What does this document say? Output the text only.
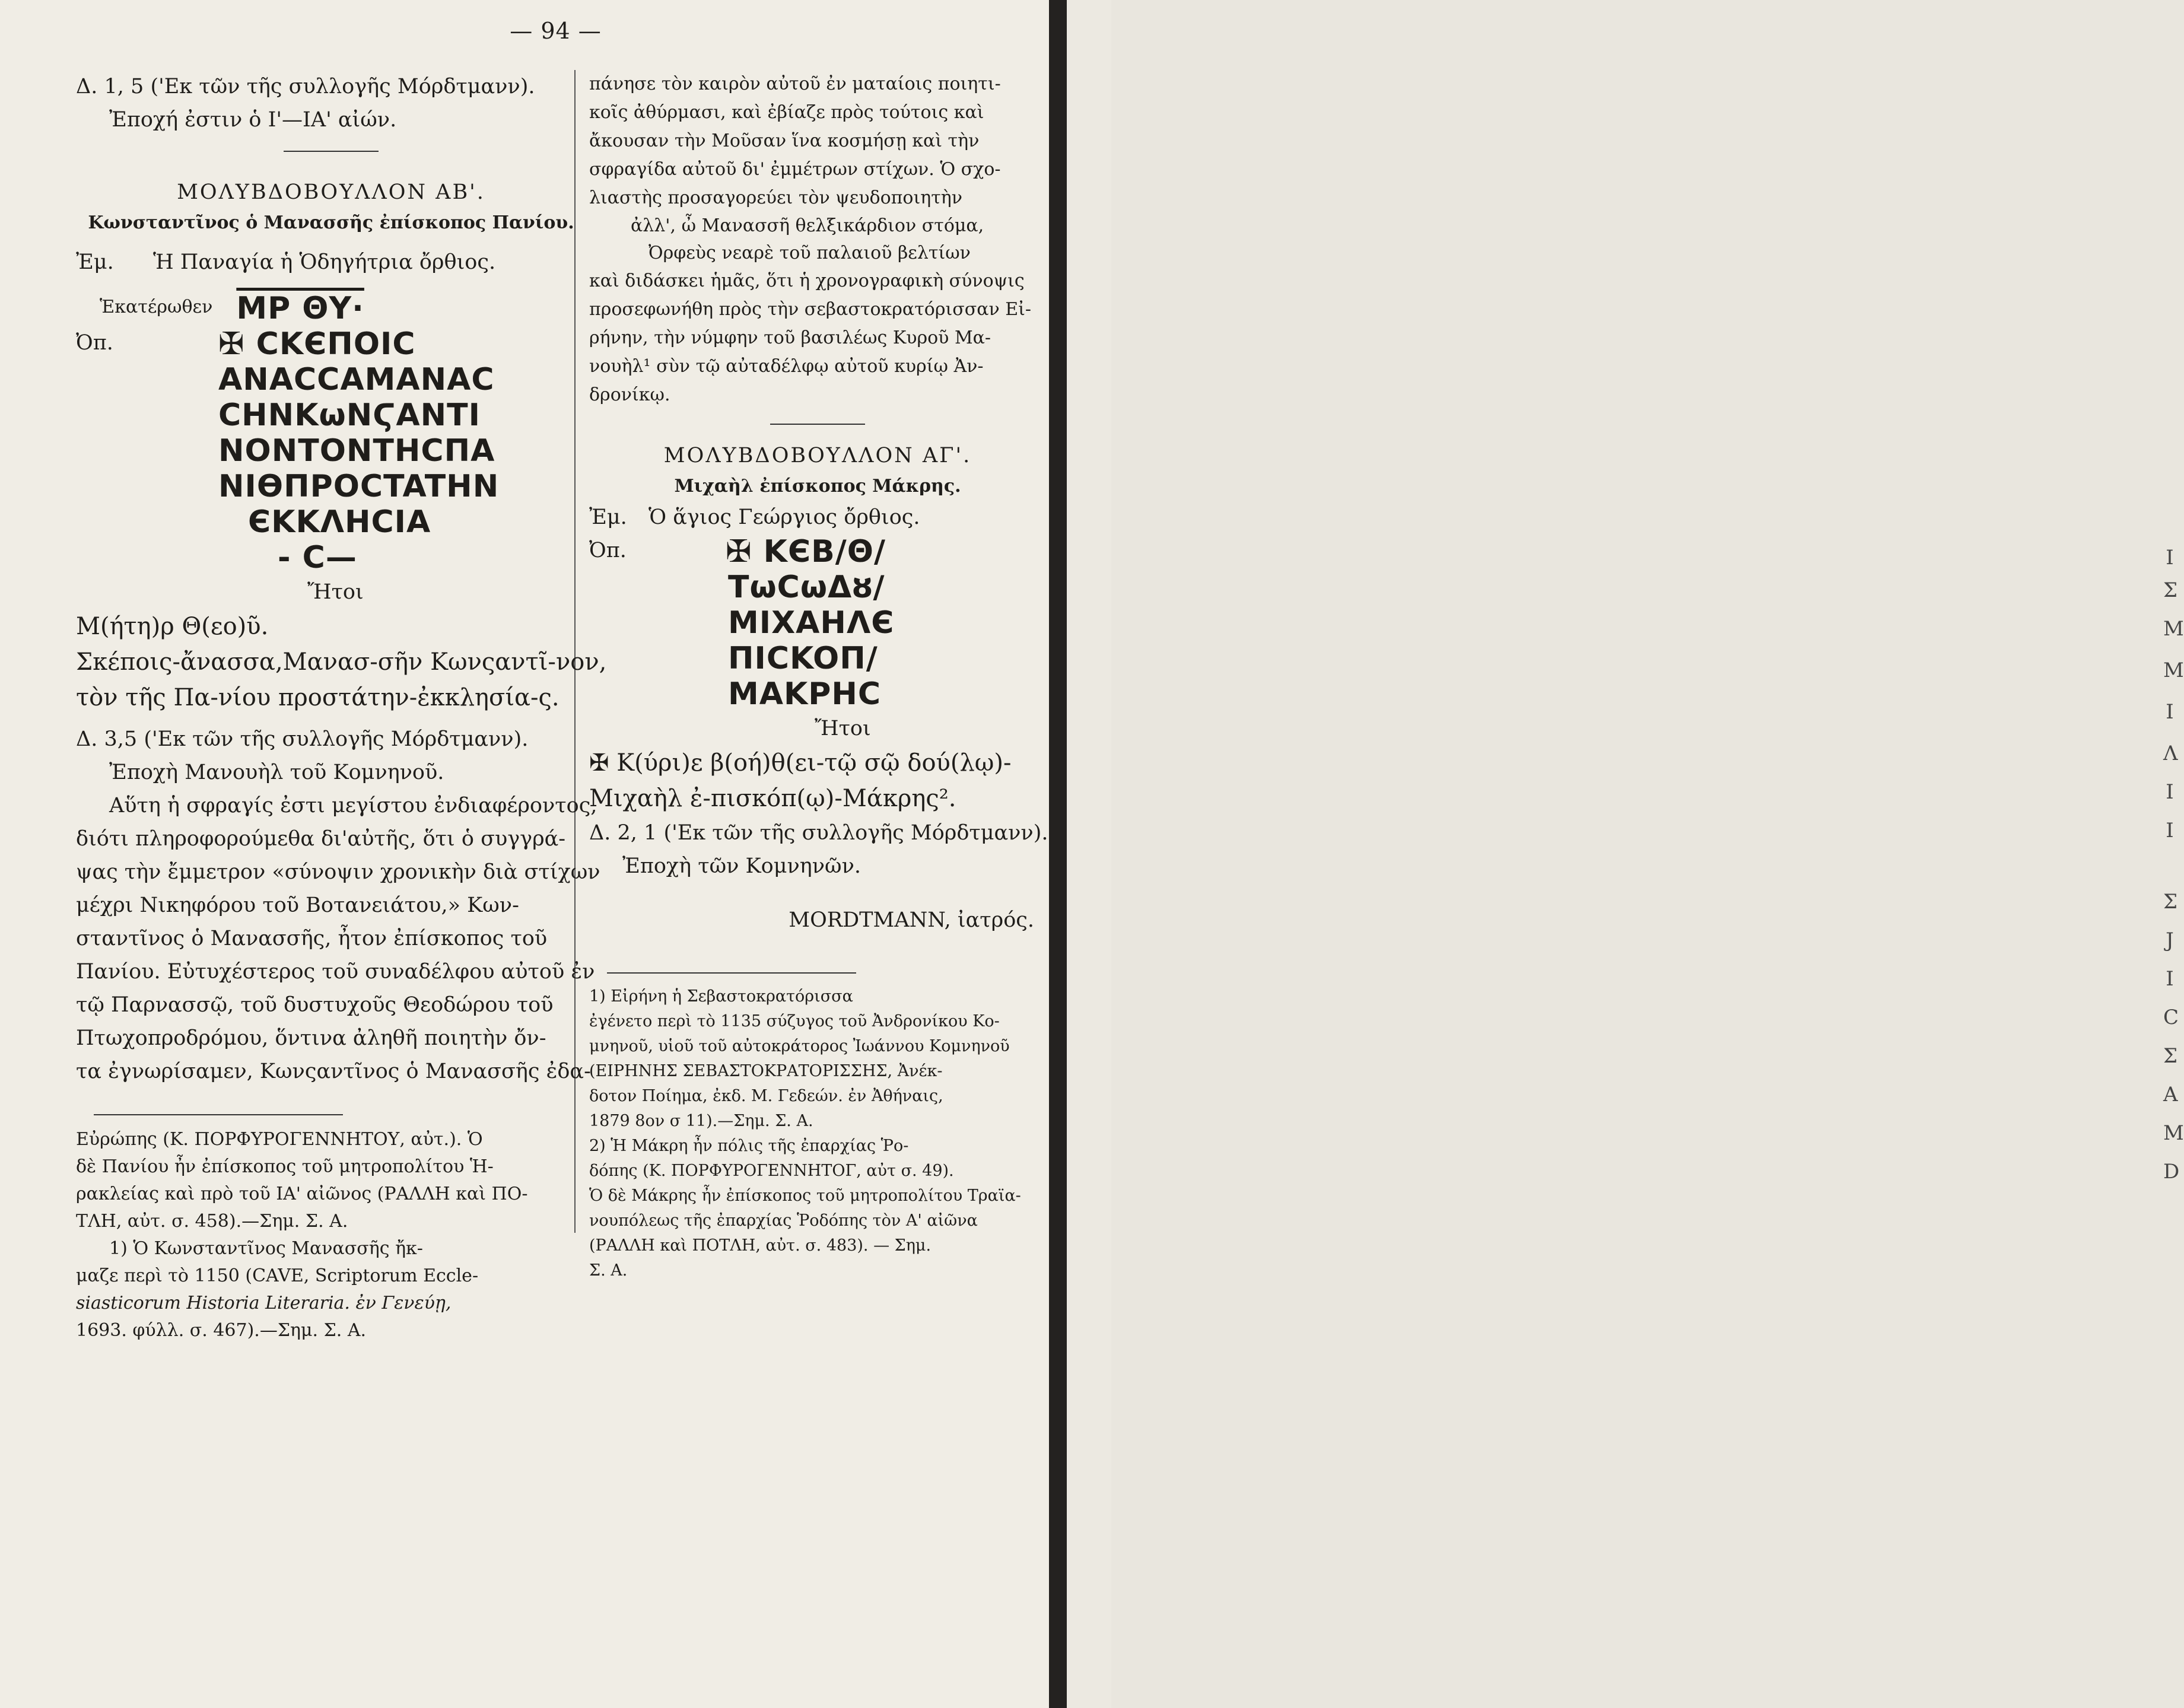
I
Σ
Μ
Μ
Ι
Λ
Ι
Ι
Σ
J
Ι
C
Σ
A
Μ
D
— 94 —

Δ. 1, 5 ('Εκ τῶν τῆς συλλογῆς Μόρδτμανν).

Ἐποχή ἐστιν ὁ Ι'—ΙΑ' αἰών.

ΜΟΛΥΒΔΟΒΟΥΛΛΟΝ ΑΒ'.

Κωνσταντῖνος ὁ Μανασσῆς ἐπίσκοπος Πανίου.

Ἐμ.	Ἡ Παναγία ἡ Ὁδηγήτρια ὄρθιος.

Ἑκατέρωθεν ΜΡ ΘΥ·

Ὀπ.	✠ CKЄΠOIC

ANACCAMANAC

CHNKωNϚANTI

NONTONTHCΠA

NIѲΠPOCTATHN

ЄKKΛHCIA

- C—

Ἤτοι

Μ(ήτη)ρ Θ(εο)ῦ.

Σκέποις-ἄνασσα,Μανασ-σῆν Κωνςαντῖ-νον,

τὸν τῆς Πα-νίου προστάτην-ἐκκλησία-ς.

Δ. 3,5 ('Εκ τῶν τῆς συλλογῆς Μόρδτμανν).

Ἐποχὴ Μανουὴλ τοῦ Κομνηνοῦ.

Αὕτη ἡ σφραγίς ἐστι μεγίστου ἐνδιαφέροντος,

διότι πληροφορούμεθα δι'αὐτῆς, ὅτι ὁ συγγρά-

ψας τὴν ἔμμετρον «σύνοψιν χρονικὴν διὰ στίχων

μέχρι Νικηφόρου τοῦ Βοτανειάτου,» Κων-

σταντῖνος ὁ Μανασσῆς, ἦτον ἐπίσκοπος τοῦ

Πανίου. Εὐτυχέστερος τοῦ συναδέλφου αὐτοῦ ἐν

τῷ Παρνασσῷ, τοῦ δυστυχοῦς Θεοδώρου τοῦ

Πτωχοπροδρόμου, ὅντινα ἀληθῆ ποιητὴν ὄν-

τα ἐγνωρίσαμεν, Κωνςαντῖνος ὁ Μανασσῆς ἐδα-

Εὐρώπης (Κ. ΠΟΡΦΥΡΟΓΕΝΝΗΤΟΥ, αὐτ.). Ὁ

δὲ Πανίου ἦν ἐπίσκοπος τοῦ μητροπολίτου Ἡ-

ρακλείας καὶ πρὸ τοῦ ΙΑ' αἰῶνος (ΡΑΛΛΗ καὶ ΠΟ-

ΤΛΗ, αὐτ. σ. 458).—Σημ. Σ. Α.

1) Ὁ Κωνσταντῖνος Μανασσῆς ἤκ-

μαζε περὶ τὸ 1150 (CAVE, Scriptorum Eccle-

siasticorum Historia Literaria. ἐν Γενεύῃ,

1693. φύλλ. σ. 467).—Σημ. Σ. Α.

πάνησε τὸν καιρὸν αὐτοῦ ἐν ματαίοις ποιητι-

κοῖς ἀθύρμασι, καὶ ἐβίαζε πρὸς τούτοις καὶ

ἄκουσαν τὴν Μοῦσαν ἵνα κοσμήσῃ καὶ τὴν

σφραγίδα αὐτοῦ δι' ἐμμέτρων στίχων. Ὁ σχο-

λιαστὴς προσαγορεύει τὸν ψευδοποιητὴν

ἀλλ', ὦ Μανασσῆ θελξικάρδιον στόμα,

Ὀρφεὺς νεαρὲ τοῦ παλαιοῦ βελτίων

καὶ διδάσκει ἡμᾶς, ὅτι ἡ χρονογραφικὴ σύνοψις

προσεφωνήθη πρὸς τὴν σεβαστοκρατόρισσαν Εἰ-

ρήνην, τὴν νύμφην τοῦ βασιλέως Κυροῦ Μα-

νουὴλ¹ σὺν τῷ αὐταδέλφῳ αὐτοῦ κυρίῳ Ἀν-

δρονίκῳ.

ΜΟΛΥΒΔΟΒΟΥΛΛΟΝ ΑΓ'.

Μιχαὴλ ἐπίσκοπος Μάκρης.

Ἐμ.	Ὁ ἅγιος Γεώργιος ὄρθιος.

Ὀπ.	✠ KЄB/Θ/

TωCωΔȣ/

MIXAHΛЄ

ΠICKOΠ/

MAKPHC

Ἤτοι

✠ Κ(ύρι)ε β(οή)θ(ει-τῷ σῷ δού(λῳ)-

Μιχαὴλ ἐ-πισκόπ(ῳ)-Μάκρης².

Δ. 2, 1 ('Εκ τῶν τῆς συλλογῆς Μόρδτμανν).

Ἐποχὴ τῶν Κομνηνῶν.

MORDTMANN, ἰατρός.

1) Εἰρήνη ἡ Σεβαστοκρατόρισσα

ἐγένετο περὶ τὸ 1135 σύζυγος τοῦ Ἀνδρονίκου Κο-

μνηνοῦ, υἱοῦ τοῦ αὐτοκράτορος Ἰωάννου Κομνηνοῦ

(ΕΙΡΗΝΗΣ ΣΕΒΑΣΤΟΚΡΑΤΟΡΙΣΣΗΣ, Ἀνέκ-

δοτον Ποίημα, ἐκδ. Μ. Γεδεών. ἐν Ἀθήναις,

1879 8ον σ 11).—Σημ. Σ. Α.

2) Ἡ Μάκρη ἦν πόλις τῆς ἐπαρχίας Ῥο-

δόπης (Κ. ΠΟΡΦΥΡΟΓΕΝΝΗΤΟΓ, αὐτ σ. 49).

Ὁ δὲ Μάκρης ἦν ἐπίσκοπος τοῦ μητροπολίτου Τραϊα-

νουπόλεως τῆς ἐπαρχίας Ῥοδόπης τὸν Α' αἰῶνα

(ΡΑΛΛΗ καὶ ΠΟΤΛΗ, αὐτ. σ. 483). — Σημ.

Σ. Α.
